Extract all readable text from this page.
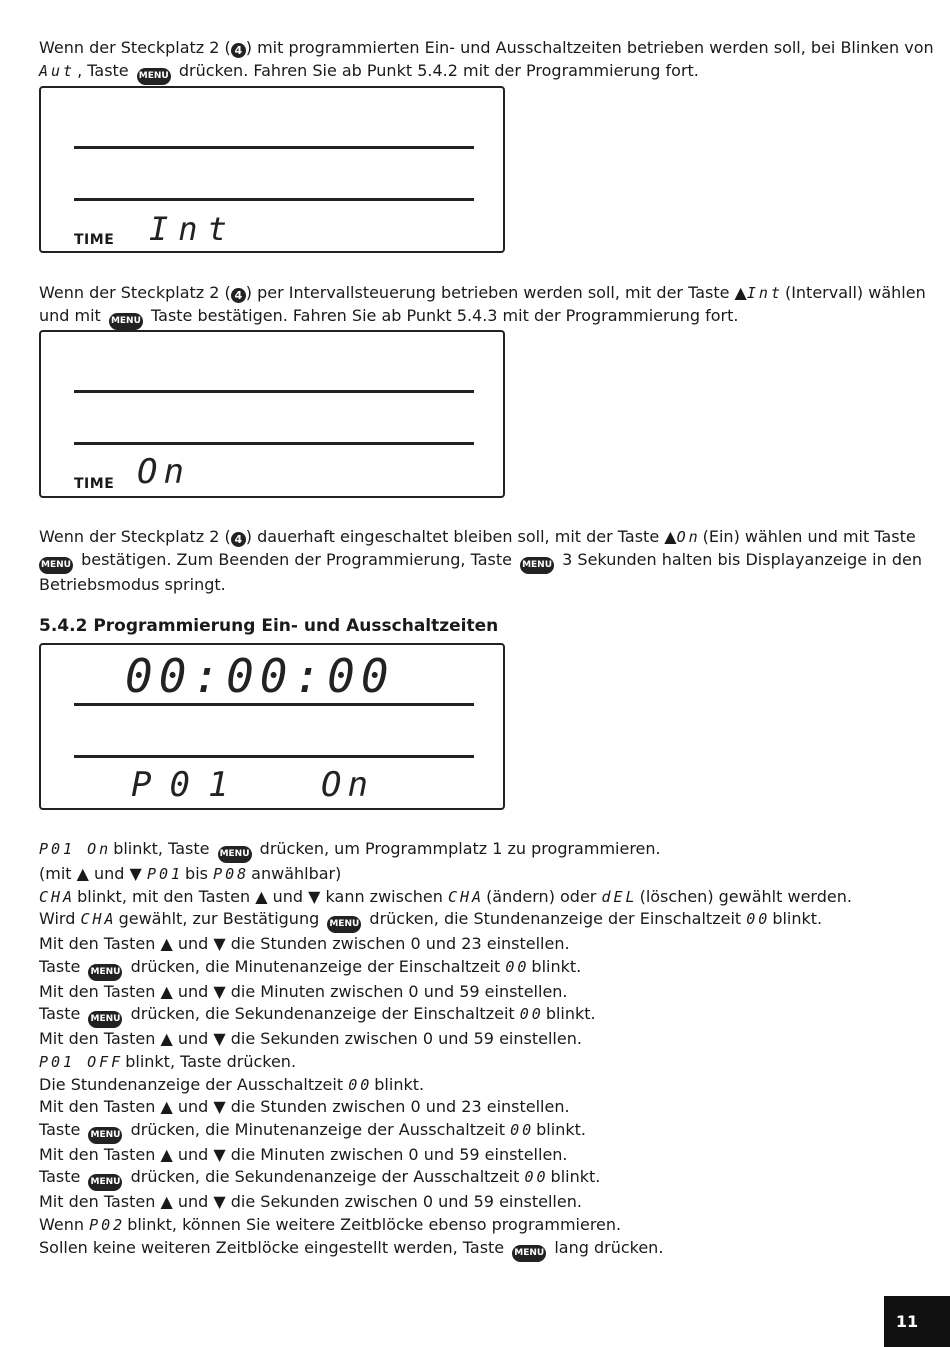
Wenn der Steckplatz 2 ( 4 ) mit programmierten Ein- und Ausschaltzeiten betrieben werden soll, bei Blinken von
Aut , Taste MENU drücken. Fahren Sie ab Punkt 5.4.2 mit der Programmierung fort.

TIME Int

Wenn der Steckplatz 2 ( 4 ) per Intervallsteuerung betrieben werden soll, mit der Taste ▲Int (Intervall) wählen
und mit MENU Taste bestätigen. Fahren Sie ab Punkt 5.4.3 mit der Programmierung fort.

TIME On

Wenn der Steckplatz 2 ( 4 ) dauerhaft eingeschaltet bleiben soll, mit der Taste ▲On (Ein) wählen und mit Taste
MENU bestätigen. Zum Beenden der Programmierung, Taste MENU 3 Sekunden halten bis Displayanzeige in den
Betriebsmodus springt.

5.4.2 Programmierung Ein- und Ausschaltzeiten
00:00:00
P01 On

P01 On blinkt, Taste MENU drücken, um Programmplatz 1 zu programmieren.
(mit ▲ und ▼ P01 bis P08 anwählbar)
CHA blinkt, mit den Tasten ▲ und ▼ kann zwischen CHA (ändern) oder dEL (löschen) gewählt werden.
Wird CHA gewählt, zur Bestätigung MENU drücken, die Stundenanzeige der Einschaltzeit 00 blinkt.
Mit den Tasten ▲ und ▼ die Stunden zwischen 0 und 23 einstellen.
Taste MENU drücken, die Minutenanzeige der Einschaltzeit 00 blinkt.
Mit den Tasten ▲ und ▼ die Minuten zwischen 0 und 59 einstellen.
Taste MENU drücken, die Sekundenanzeige der Einschaltzeit 00 blinkt.
Mit den Tasten ▲ und ▼ die Sekunden zwischen 0 und 59 einstellen.
P01 OFF blinkt, Taste drücken.
Die Stundenanzeige der Ausschaltzeit 00 blinkt.
Mit den Tasten ▲ und ▼ die Stunden zwischen 0 und 23 einstellen.
Taste MENU drücken, die Minutenanzeige der Ausschaltzeit 00 blinkt.
Mit den Tasten ▲ und ▼ die Minuten zwischen 0 und 59 einstellen.
Taste MENU drücken, die Sekundenanzeige der Ausschaltzeit 00 blinkt.
Mit den Tasten ▲ und ▼ die Sekunden zwischen 0 und 59 einstellen.
Wenn P02 blinkt, können Sie weitere Zeitblöcke ebenso programmieren.
Sollen keine weiteren Zeitblöcke eingestellt werden, Taste MENU lang drücken.

11
